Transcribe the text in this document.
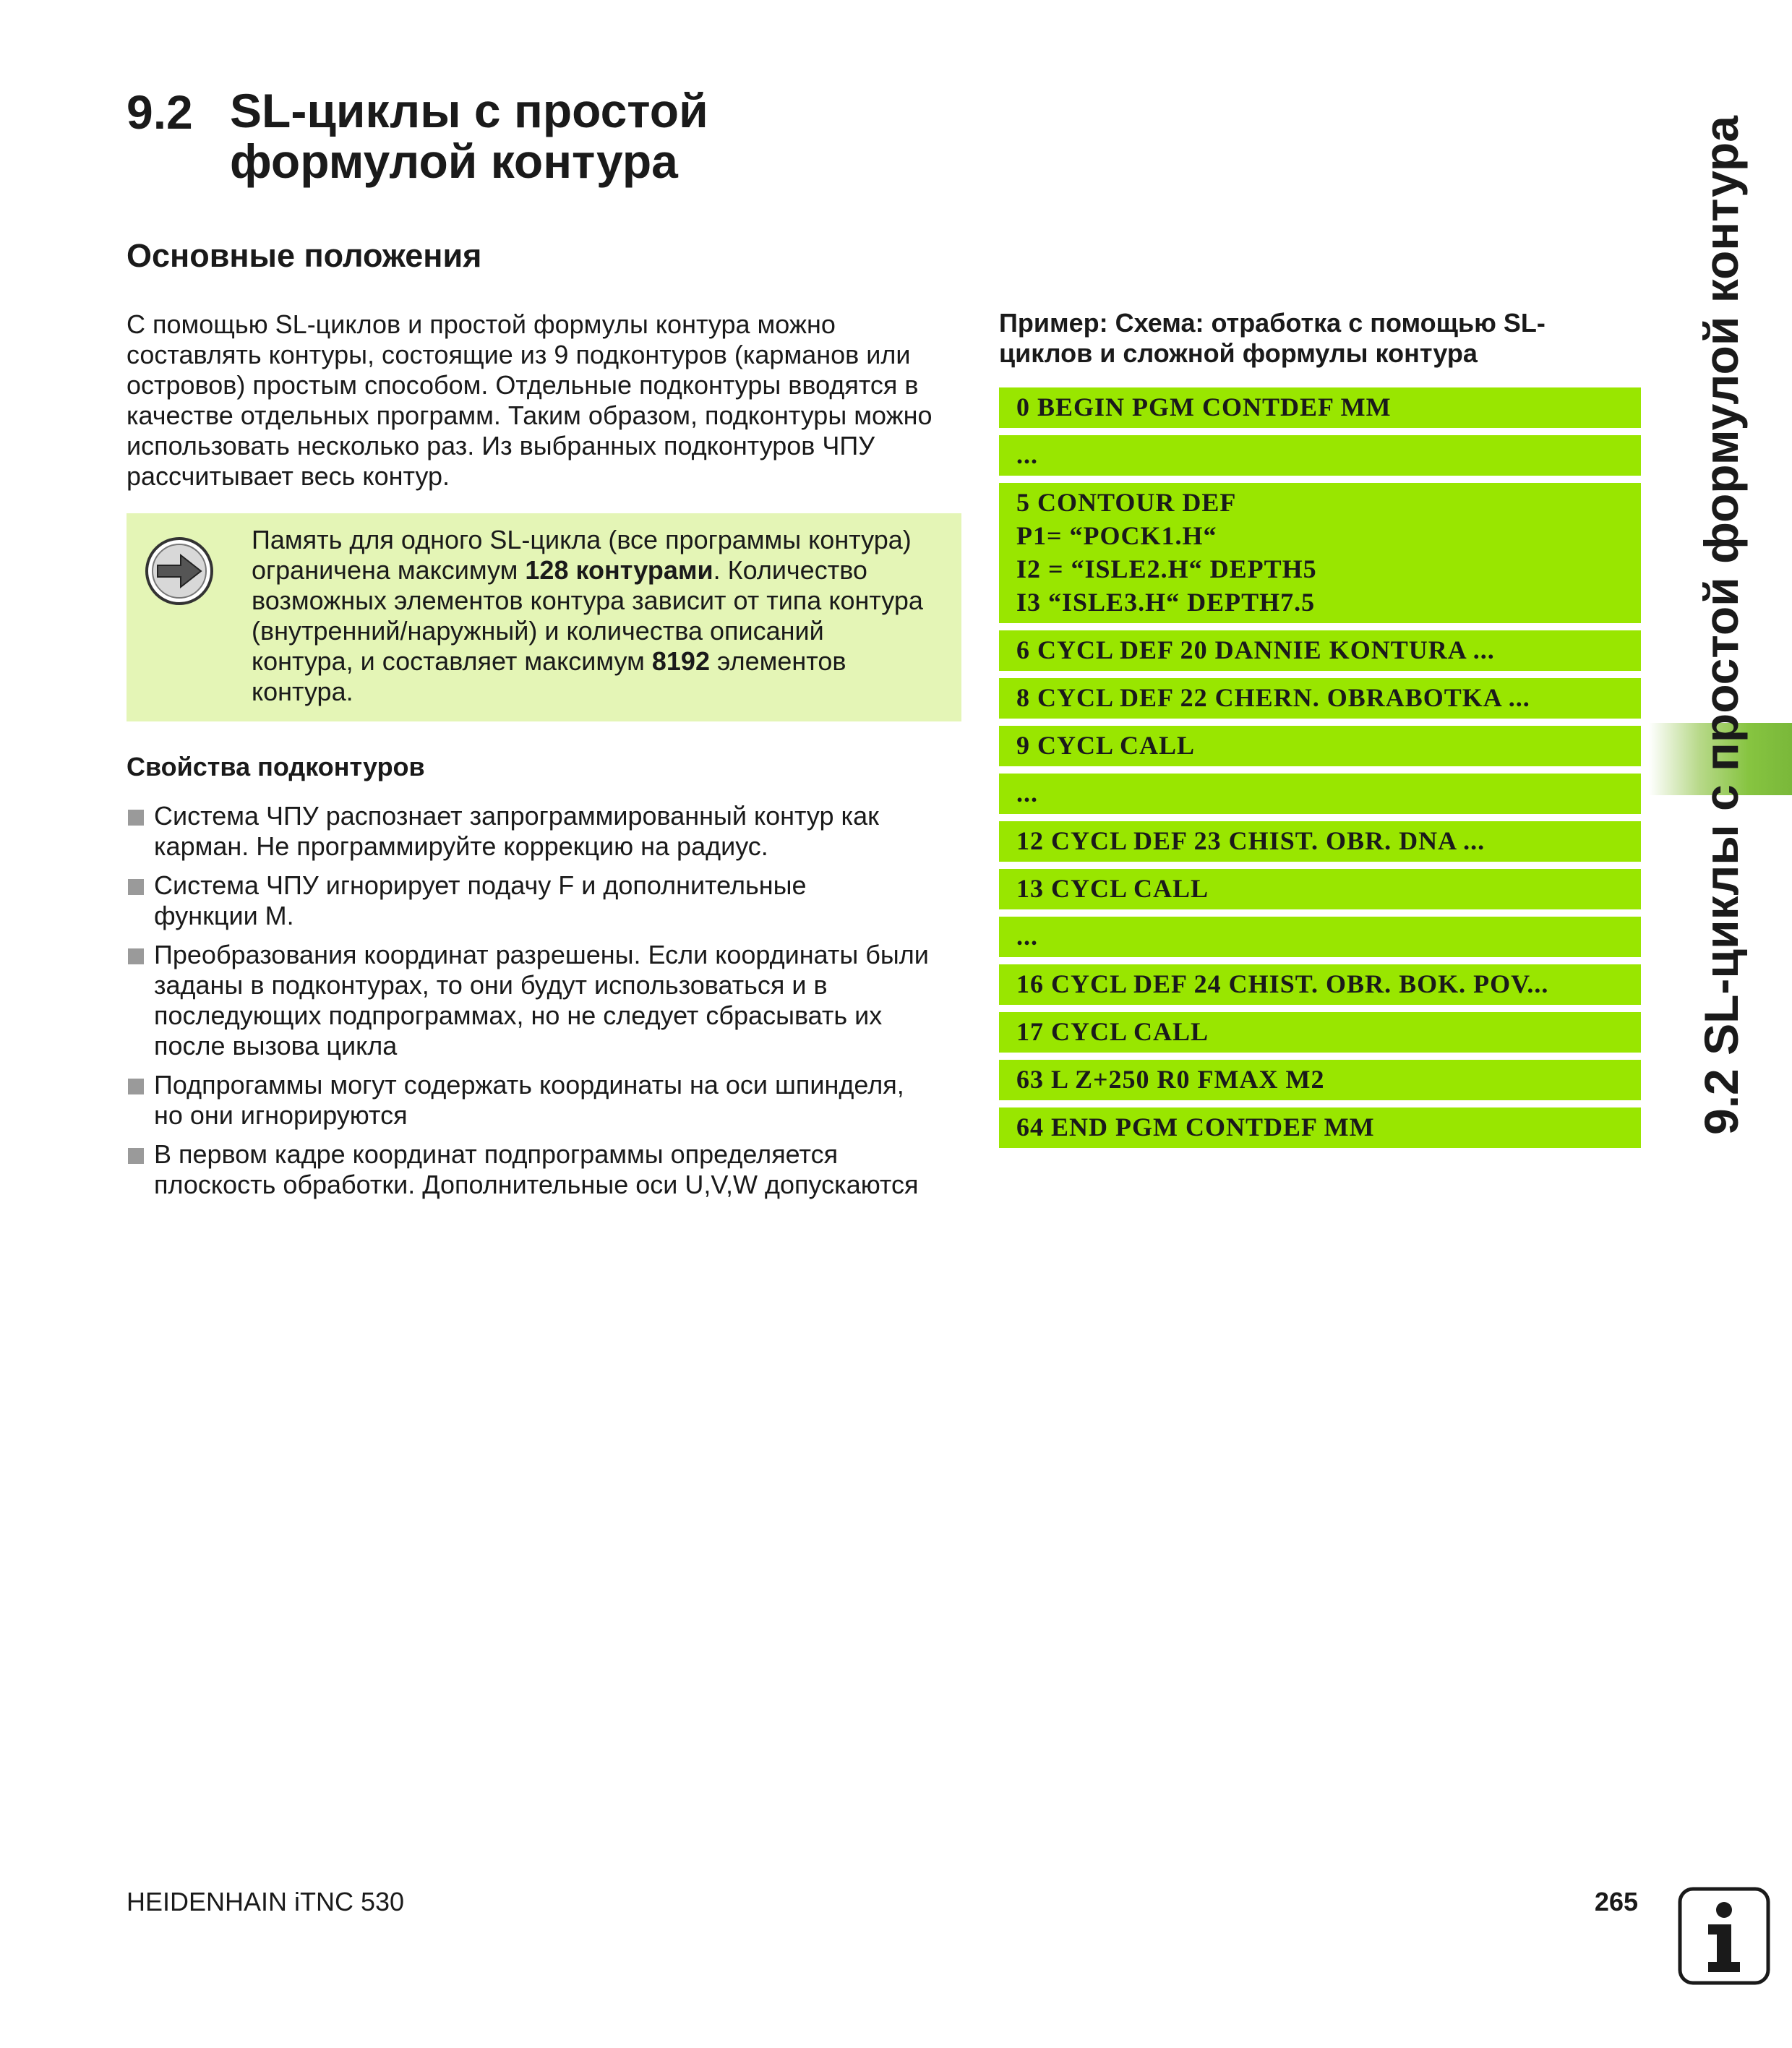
9.2 SL-циклы с простой
формулой контура
Основные положения
С помощью SL-циклов и простой формулы контура можно
составлять контуры, состоящие из 9 подконтуров (карманов или
островов) простым способом. Отдельные подконтуры вводятся в
качестве отдельных программ. Таким образом, подконтуры можно
использовать несколько раз. Из выбранных подконтуров ЧПУ
рассчитывает весь контур.
Память для одного SL-цикла (все программы контура)
ограничена максимум 128 контурами. Количество
возможных элементов контура зависит от типа контура
(внутренний/наружный) и количества описаний
контура, и составляет максимум 8192 элементов
контура.
Свойства подконтуров
Система ЧПУ распознает запрограммированный контур как
карман. Не программируйте коррекцию на радиус.
Система ЧПУ игнорирует подачу F и дополнительные
функции M.
Преобразования координат разрешены. Если координаты были
заданы в подконтурах, то они будут использоваться и в
последующих подпрограммах, но не следует сбрасывать их
после вызова цикла
Подпрогаммы могут содержать координаты на оси шпинделя,
но они игнорируются
В первом кадре координат подпрограммы определяется
плоскость обработки. Дополнительные оси U,V,W допускаются
Пример: Схема: отработка с помощью SL-
циклов и сложной формулы контура
0 BEGIN PGM CONTDEF MM
...
5 CONTOUR DEF
P1= “POCK1.H“
I2 = “ISLE2.H“ DEPTH5
I3 “ISLE3.H“ DEPTH7.5
6 CYCL DEF 20 DANNIE KONTURA ...
8 CYCL DEF 22 CHERN. OBRABOTKA ...
9 CYCL CALL
...
12 CYCL DEF 23 CHIST. OBR. DNA ...
13 CYCL CALL
...
16 CYCL DEF 24 CHIST. OBR. BOK. POV...
17 CYCL CALL
63 L Z+250 R0 FMAX M2
64 END PGM CONTDEF MM	9.2 SL-циклы с простой формулой контура
HEIDENHAIN iTNC 530	265
